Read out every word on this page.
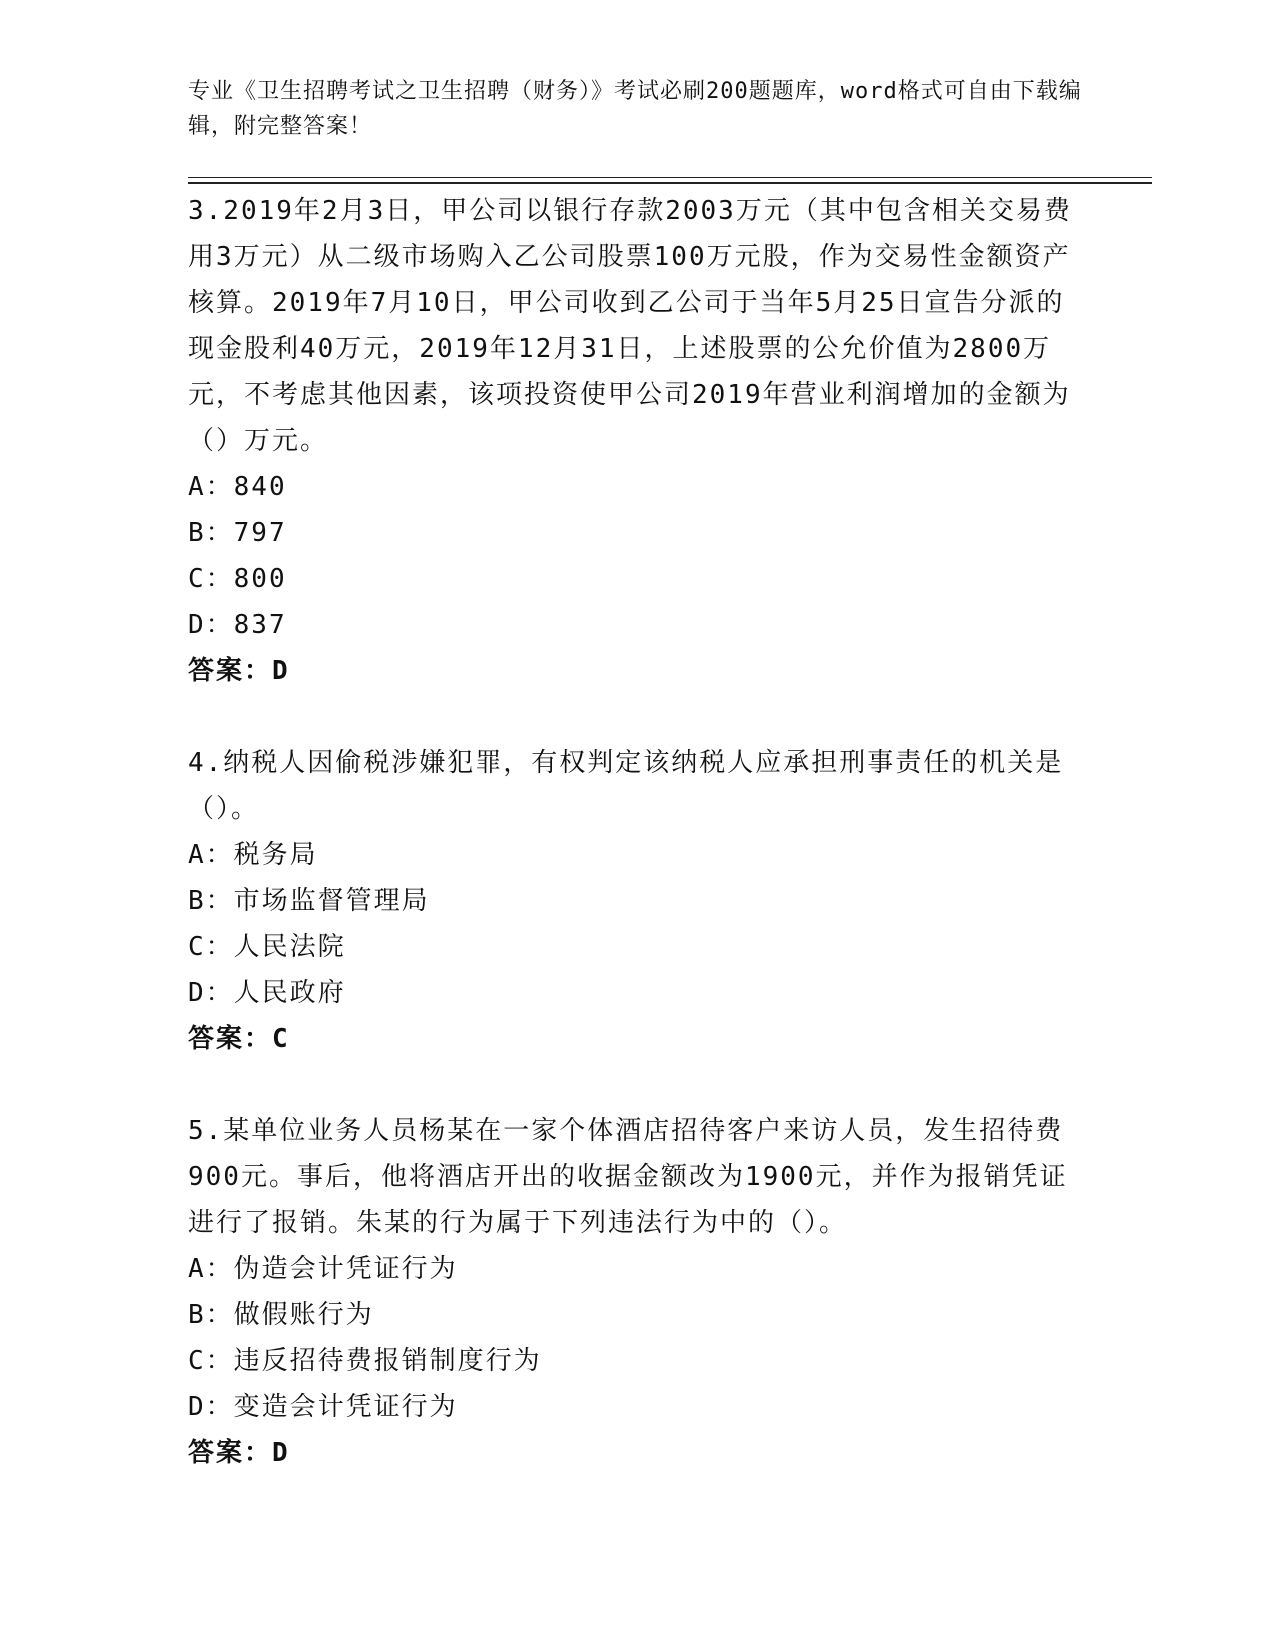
专业《卫生招聘考试之卫生招聘（财务）》考试必刷200题题库，word格式可自由下载编辑，附完整答案！
3.2019年2月3日，甲公司以银行存款2003万元（其中包含相关交易费用3万元）从二级市场购入乙公司股票100万元股，作为交易性金额资产核算。2019年7月10日，甲公司收到乙公司于当年5月25日宣告分派的现金股利40万元，2019年12月31日，上述股票的公允价值为2800万元，不考虑其他因素，该项投资使甲公司2019年营业利润增加的金额为（）万元。
A：840
B：797
C：800
D：837
答案：D
4.纳税人因偷税涉嫌犯罪，有权判定该纳税人应承担刑事责任的机关是（）。
A：税务局
B：市场监督管理局
C：人民法院
D：人民政府
答案：C
5.某单位业务人员杨某在一家个体酒店招待客户来访人员，发生招待费900元。事后，他将酒店开出的收据金额改为1900元，并作为报销凭证进行了报销。朱某的行为属于下列违法行为中的（）。
A：伪造会计凭证行为
B：做假账行为
C：违反招待费报销制度行为
D：变造会计凭证行为
答案：D
